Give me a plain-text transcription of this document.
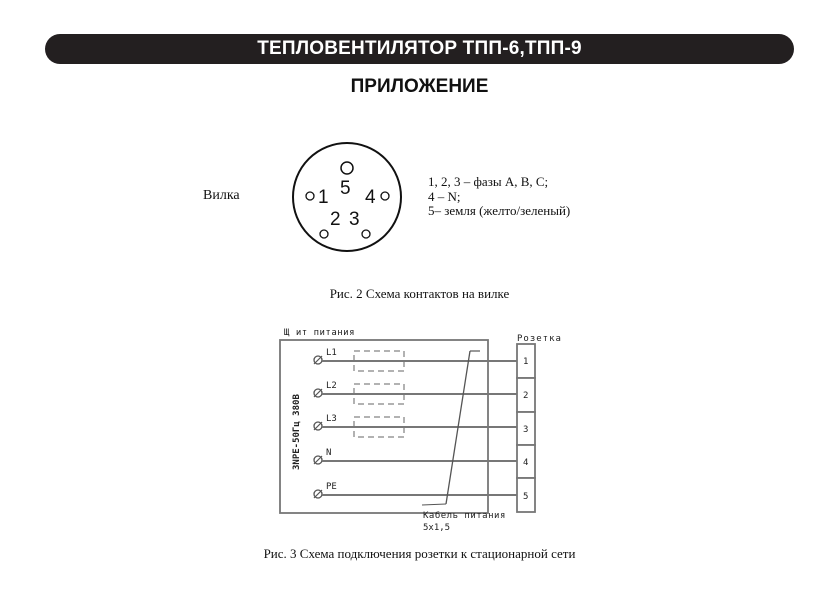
ТЕПЛОВЕНТИЛЯТОР ТПП-6,ТПП-9
ПРИЛОЖЕНИЕ
Вилка	5
1 4
2 3
1, 2, 3 – фазы А, В, С;
4 – N;
5– земля (желто/зеленый)
Рис. 2 Схема контактов на вилке
Щ ит питания
3NPE-50Гц 380В
L1
L2
L3
N
PE
Кабель питания
5х1,5
Розетка
1
2
3
4
5
Рис. 3 Схема подключения розетки к стационарной сети
